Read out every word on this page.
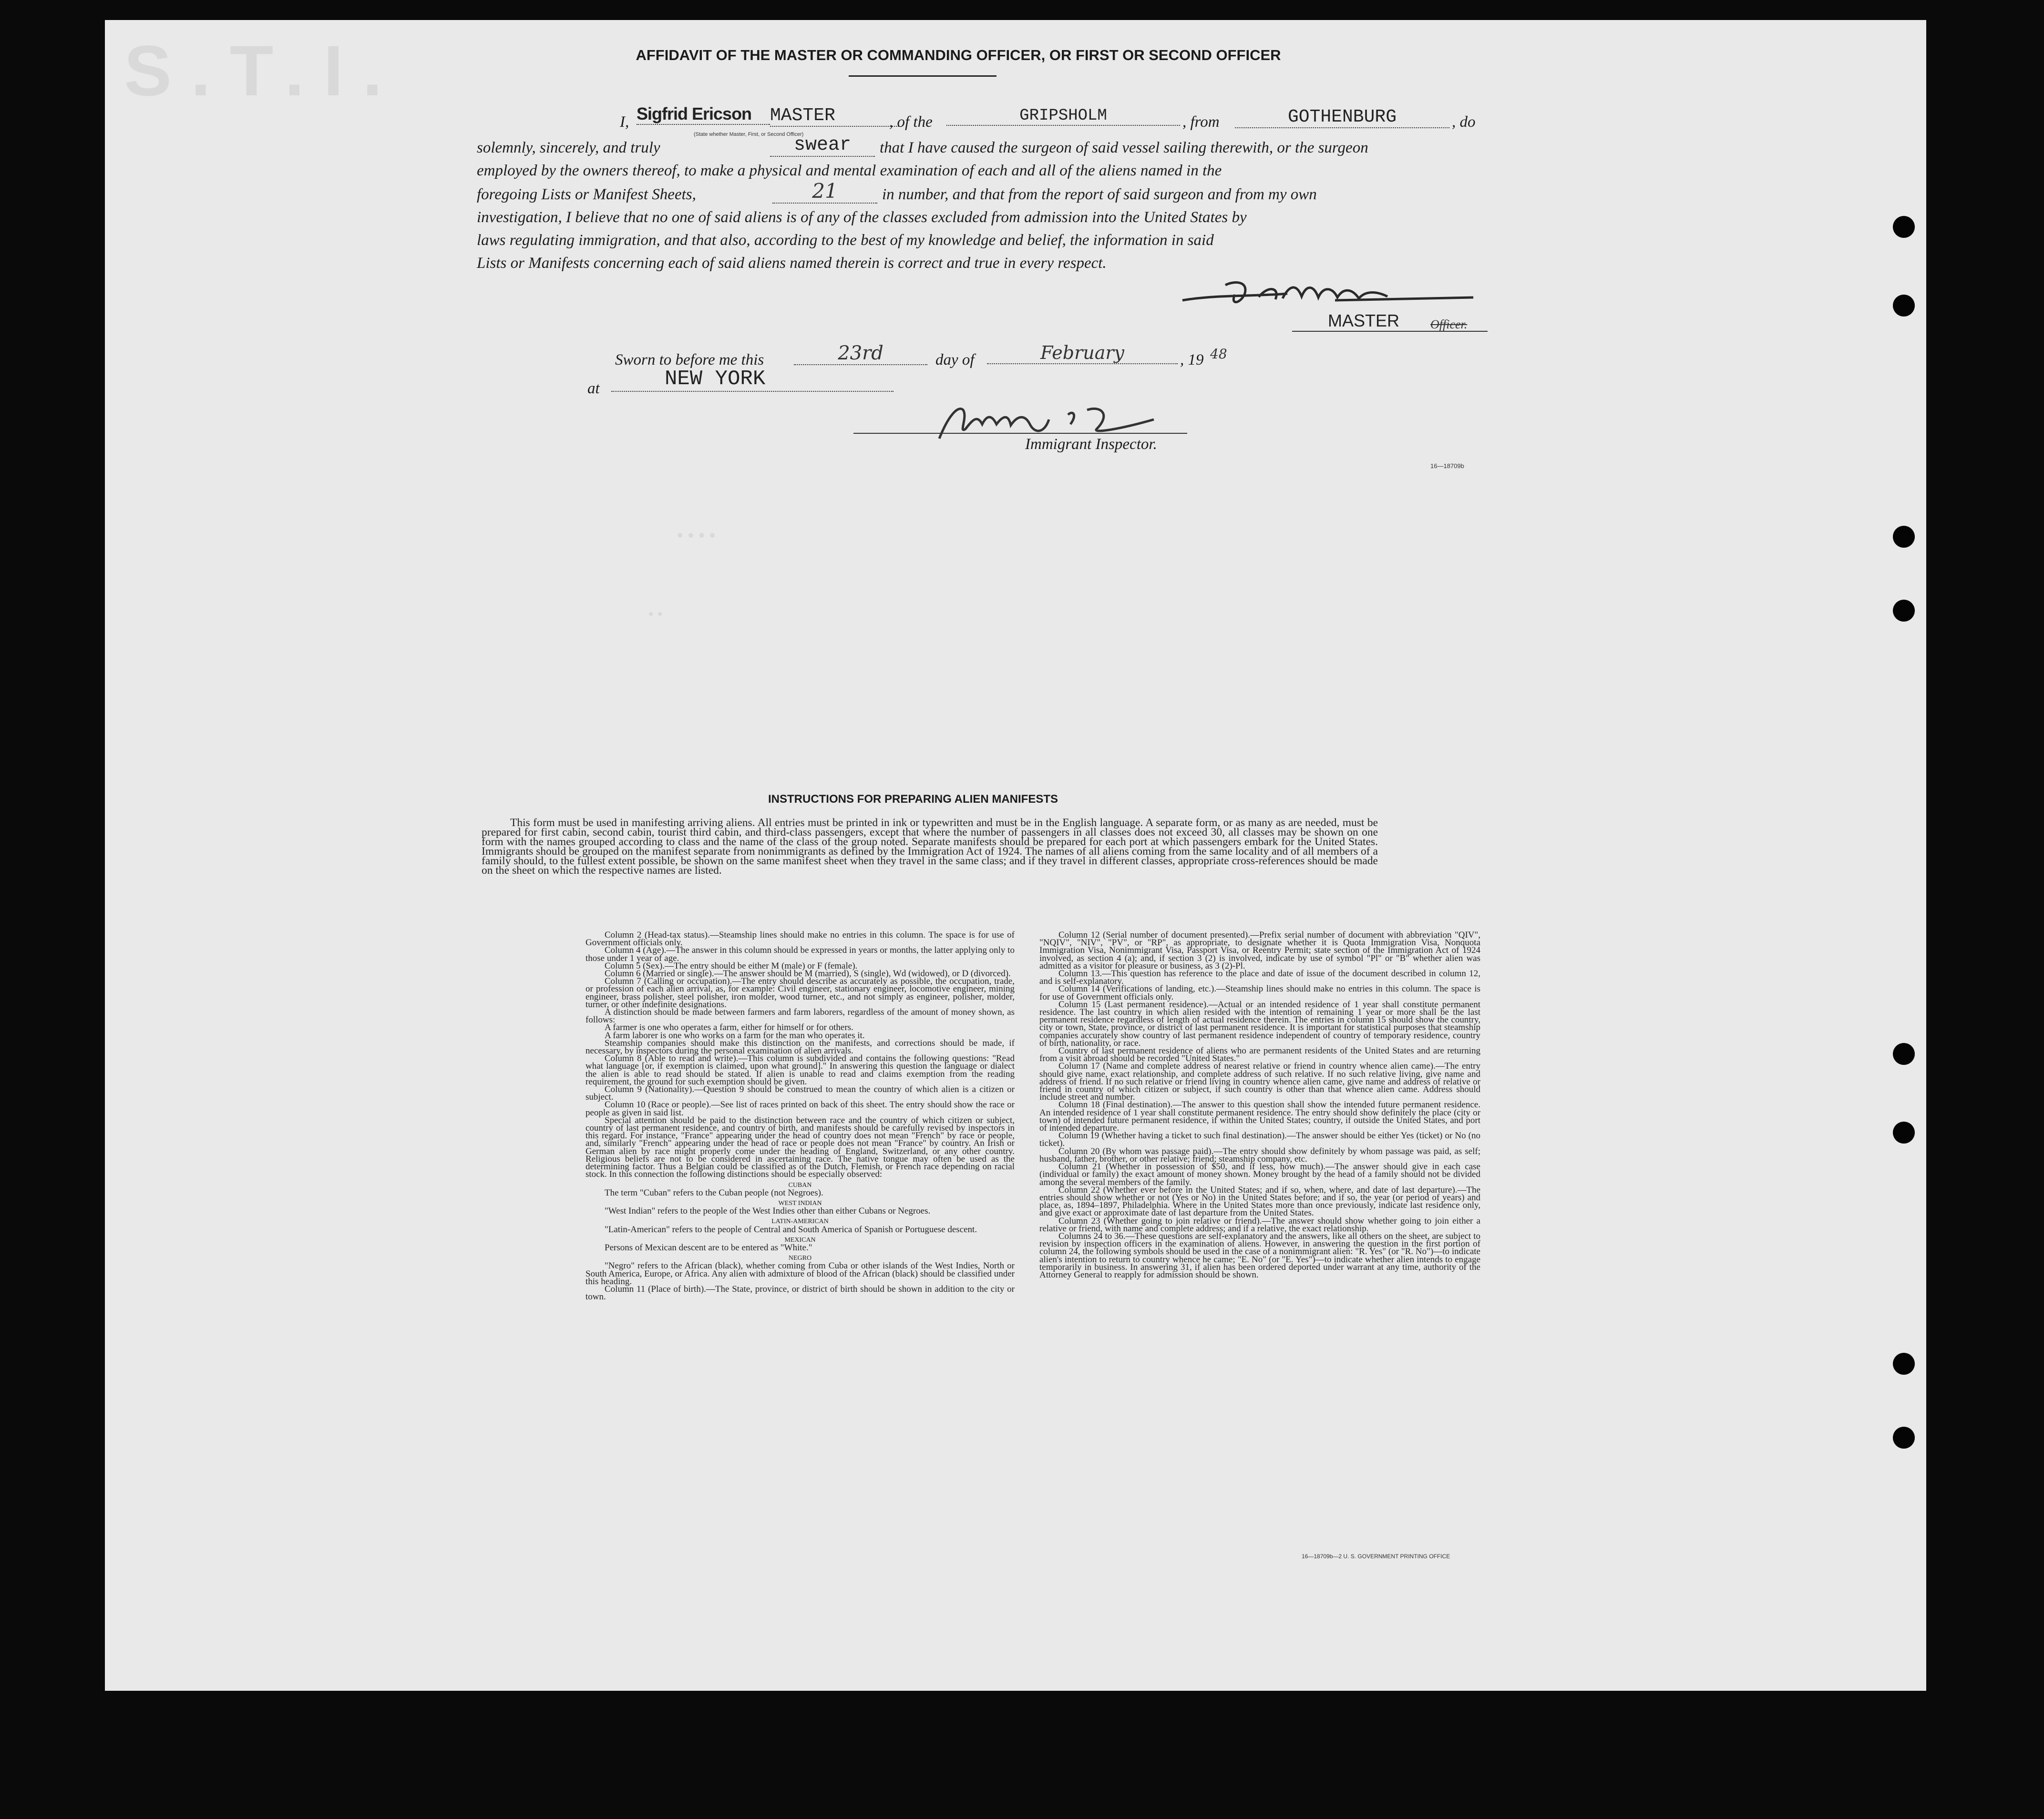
S.T.I.
• • • •
• •
AFFIDAVIT OF THE MASTER OR COMMANDING OFFICER, OR FIRST OR SECOND OFFICER
I, Sigfrid Ericson	MASTER	, of the	GRIPSHOLM	, from	GOTHENBURG	, do
(State whether Master, First, or Second Officer)
solemnly, sincerely, and truly	swear	that I have caused the surgeon of said vessel sailing therewith, or the surgeon
employed by the owners thereof, to make a physical and mental examination of each and all of the aliens named in the
foregoing Lists or Manifest Sheets,	21	in number, and that from the report of said surgeon and from my own
investigation, I believe that no one of said aliens is of any of the classes excluded from admission into the United States by
laws regulating immigration, and that also, according to the best of my knowledge and belief, the information in said
Lists or Manifests concerning each of said aliens named therein is correct and true in every respect.
MASTER Officer.
Sworn to before me this	23rd	day of	February	, 19 48
at	NEW YORK
Immigrant Inspector.
16—18709b
INSTRUCTIONS FOR PREPARING ALIEN MANIFESTS
This form must be used in manifesting arriving aliens. All entries must be printed in ink or typewritten and must be in the English language. A separate form, or as many as are needed, must be prepared for first cabin, second cabin, tourist third cabin, and third-class passengers, except that where the number of passengers in all classes does not exceed 30, all classes may be shown on one form with the names grouped according to class and the name of the class of the group noted. Separate manifests should be prepared for each port at which passengers embark for the United States. Immigrants should be grouped on the manifest separate from nonimmigrants as defined by the Immigration Act of 1924. The names of all aliens coming from the same locality and of all members of a family should, to the fullest extent possible, be shown on the same manifest sheet when they travel in the same class; and if they travel in different classes, appropriate cross-references should be made on the sheet on which the respective names are listed.

Column 2 (Head-tax status).—Steamship lines should make no entries in this column. The space is for use of Government officials only.

Column 4 (Age).—The answer in this column should be expressed in years or months, the latter applying only to those under 1 year of age.

Column 5 (Sex).—The entry should be either M (male) or F (female).

Column 6 (Married or single).—The answer should be M (married), S (single), Wd (widowed), or D (divorced).

Column 7 (Calling or occupation).—The entry should describe as accurately as possible, the occupation, trade, or profession of each alien arrival, as, for example: Civil engineer, stationary engineer, locomotive engineer, mining engineer, brass polisher, steel polisher, iron molder, wood turner, etc., and not simply as engineer, polisher, molder, turner, or other indefinite designations.

A distinction should be made between farmers and farm laborers, regardless of the amount of money shown, as follows:

A farmer is one who operates a farm, either for himself or for others.

A farm laborer is one who works on a farm for the man who operates it.

Steamship companies should make this distinction on the manifests, and corrections should be made, if necessary, by inspectors during the personal examination of alien arrivals.

Column 8 (Able to read and write).—This column is subdivided and contains the following questions: "Read what language [or, if exemption is claimed, upon what ground]." In answering this question the language or dialect the alien is able to read should be stated. If alien is unable to read and claims exemption from the reading requirement, the ground for such exemption should be given.

Column 9 (Nationality).—Question 9 should be construed to mean the country of which alien is a citizen or subject.

Column 10 (Race or people).—See list of races printed on back of this sheet. The entry should show the race or people as given in said list.

Special attention should be paid to the distinction between race and the country of which citizen or subject, country of last permanent residence, and country of birth, and manifests should be carefully revised by inspectors in this regard. For instance, "France" appearing under the head of country does not mean "French" by race or people, and, similarly "French" appearing under the head of race or people does not mean "France" by country. An Irish or German alien by race might properly come under the heading of England, Switzerland, or any other country. Religious beliefs are not to be considered in ascertaining race. The native tongue may often be used as the determining factor. Thus a Belgian could be classified as of the Dutch, Flemish, or French race depending on racial stock. In this connection the following distinctions should be especially observed:

CUBAN

The term "Cuban" refers to the Cuban people (not Negroes).

WEST INDIAN

"West Indian" refers to the people of the West Indies other than either Cubans or Negroes.

LATIN-AMERICAN

"Latin-American" refers to the people of Central and South America of Spanish or Portuguese descent.

MEXICAN

Persons of Mexican descent are to be entered as "White."

NEGRO

"Negro" refers to the African (black), whether coming from Cuba or other islands of the West Indies, North or South America, Europe, or Africa. Any alien with admixture of blood of the African (black) should be classified under this heading.

Column 11 (Place of birth).—The State, province, or district of birth should be shown in addition to the city or town.

Column 12 (Serial number of document presented).—Prefix serial number of document with abbreviation "QIV", "NQIV", "NIV", "PV", or "RP", as appropriate, to designate whether it is Quota Immigration Visa, Nonquota Immigration Visa, Nonimmigrant Visa, Passport Visa, or Reentry Permit; state section of the Immigration Act of 1924 involved, as section 4 (a); and, if section 3 (2) is involved, indicate by use of symbol "Pl" or "B" whether alien was admitted as a visitor for pleasure or business, as 3 (2)-Pl.

Column 13.—This question has reference to the place and date of issue of the document described in column 12, and is self-explanatory.

Column 14 (Verifications of landing, etc.).—Steamship lines should make no entries in this column. The space is for use of Government officials only.

Column 15 (Last permanent residence).—Actual or an intended residence of 1 year shall constitute permanent residence. The last country in which alien resided with the intention of remaining 1 year or more shall be the last permanent residence regardless of length of actual residence therein. The entries in column 15 should show the country, city or town, State, province, or district of last permanent residence. It is important for statistical purposes that steamship companies accurately show country of last permanent residence independent of country of temporary residence, country of birth, nationality, or race.

Country of last permanent residence of aliens who are permanent residents of the United States and are returning from a visit abroad should be recorded "United States."

Column 17 (Name and complete address of nearest relative or friend in country whence alien came).—The entry should give name, exact relationship, and complete address of such relative. If no such relative living, give name and address of friend. If no such relative or friend living in country whence alien came, give name and address of relative or friend in country of which citizen or subject, if such country is other than that whence alien came. Address should include street and number.

Column 18 (Final destination).—The answer to this question shall show the intended future permanent residence. An intended residence of 1 year shall constitute permanent residence. The entry should show definitely the place (city or town) of intended future permanent residence, if within the United States; country, if outside the United States, and port of intended departure.

Column 19 (Whether having a ticket to such final destination).—The answer should be either Yes (ticket) or No (no ticket).

Column 20 (By whom was passage paid).—The entry should show definitely by whom passage was paid, as self; husband, father, brother, or other relative; friend; steamship company, etc.

Column 21 (Whether in possession of $50, and if less, how much).—The answer should give in each case (individual or family) the exact amount of money shown. Money brought by the head of a family should not be divided among the several members of the family.

Column 22 (Whether ever before in the United States; and if so, when, where, and date of last departure).—The entries should show whether or not (Yes or No) in the United States before; and if so, the year (or period of years) and place, as, 1894–1897, Philadelphia. Where in the United States more than once previously, indicate last residence only, and give exact or approximate date of last departure from the United States.

Column 23 (Whether going to join relative or friend).—The answer should show whether going to join either a relative or friend, with name and complete address; and if a relative, the exact relationship.

Columns 24 to 36.—These questions are self-explanatory and the answers, like all others on the sheet, are subject to revision by inspection officers in the examination of aliens. However, in answering the question in the first portion of column 24, the following symbols should be used in the case of a nonimmigrant alien: "R. Yes" (or "R. No")—to indicate alien's intention to return to country whence he came; "E. No" (or "E. Yes")—to indicate whether alien intends to engage temporarily in business. In answering 31, if alien has been ordered deported under warrant at any time, authority of the Attorney General to reapply for admission should be shown.

16—18709b—2 U. S. GOVERNMENT PRINTING OFFICE
